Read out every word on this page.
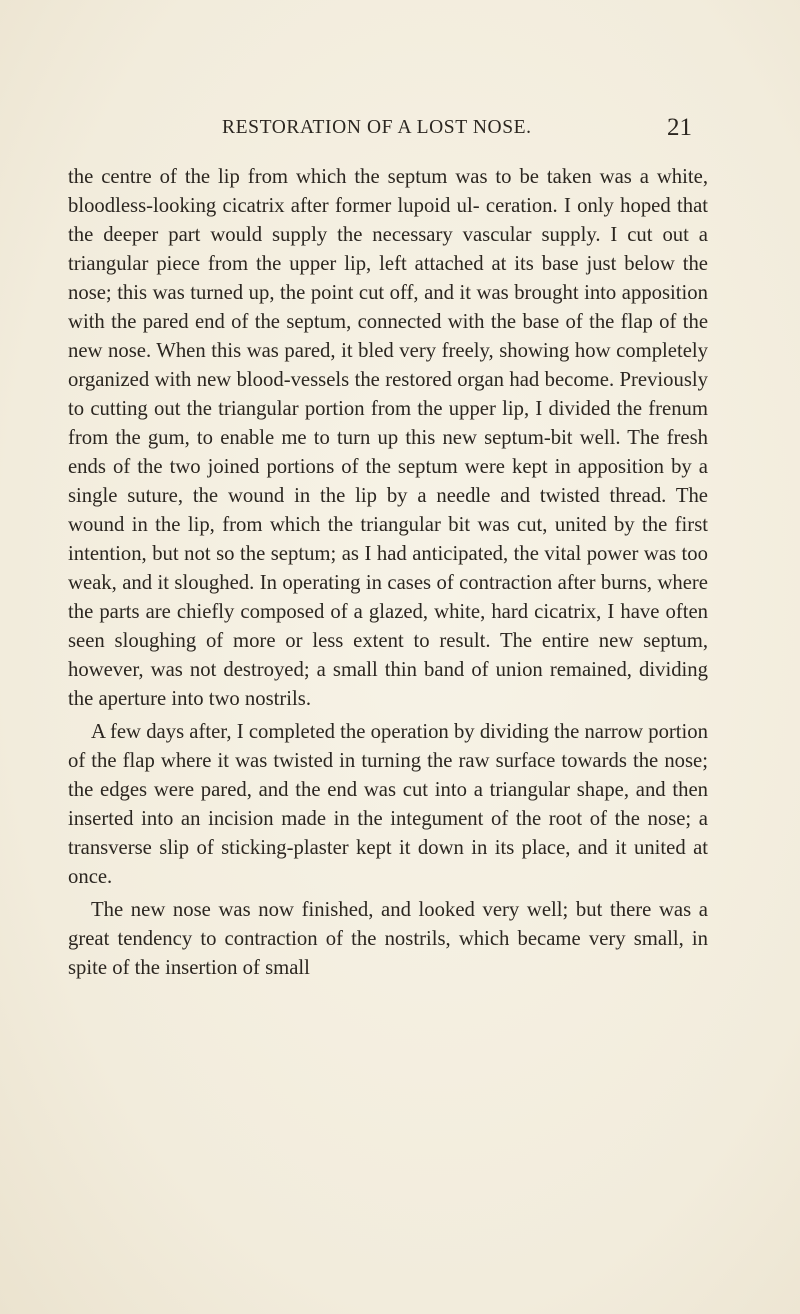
RESTORATION OF A LOST NOSE.	21

the centre of the lip from which the septum was to be taken was a white, bloodless-looking cicatrix after former lupoid ul- ceration. I only hoped that the deeper part would supply the necessary vascular supply. I cut out a triangular piece from the upper lip, left attached at its base just below the nose; this was turned up, the point cut off, and it was brought into apposition with the pared end of the septum, connected with the base of the flap of the new nose. When this was pared, it bled very freely, showing how completely organized with new blood-vessels the restored organ had become. Previously to cutting out the triangular portion from the upper lip, I divided the frenum from the gum, to enable me to turn up this new septum-bit well. The fresh ends of the two joined portions of the septum were kept in apposition by a single suture, the wound in the lip by a needle and twisted thread. The wound in the lip, from which the triangular bit was cut, united by the first intention, but not so the septum; as I had anticipated, the vital power was too weak, and it sloughed. In operating in cases of contraction after burns, where the parts are chiefly composed of a glazed, white, hard cicatrix, I have often seen sloughing of more or less extent to result. The entire new septum, however, was not destroyed; a small thin band of union remained, dividing the aperture into two nostrils.

A few days after, I completed the operation by dividing the narrow portion of the flap where it was twisted in turning the raw surface towards the nose; the edges were pared, and the end was cut into a triangular shape, and then inserted into an incision made in the integument of the root of the nose; a transverse slip of sticking-plaster kept it down in its place, and it united at once.

The new nose was now finished, and looked very well; but there was a great tendency to contraction of the nostrils, which became very small, in spite of the insertion of small
